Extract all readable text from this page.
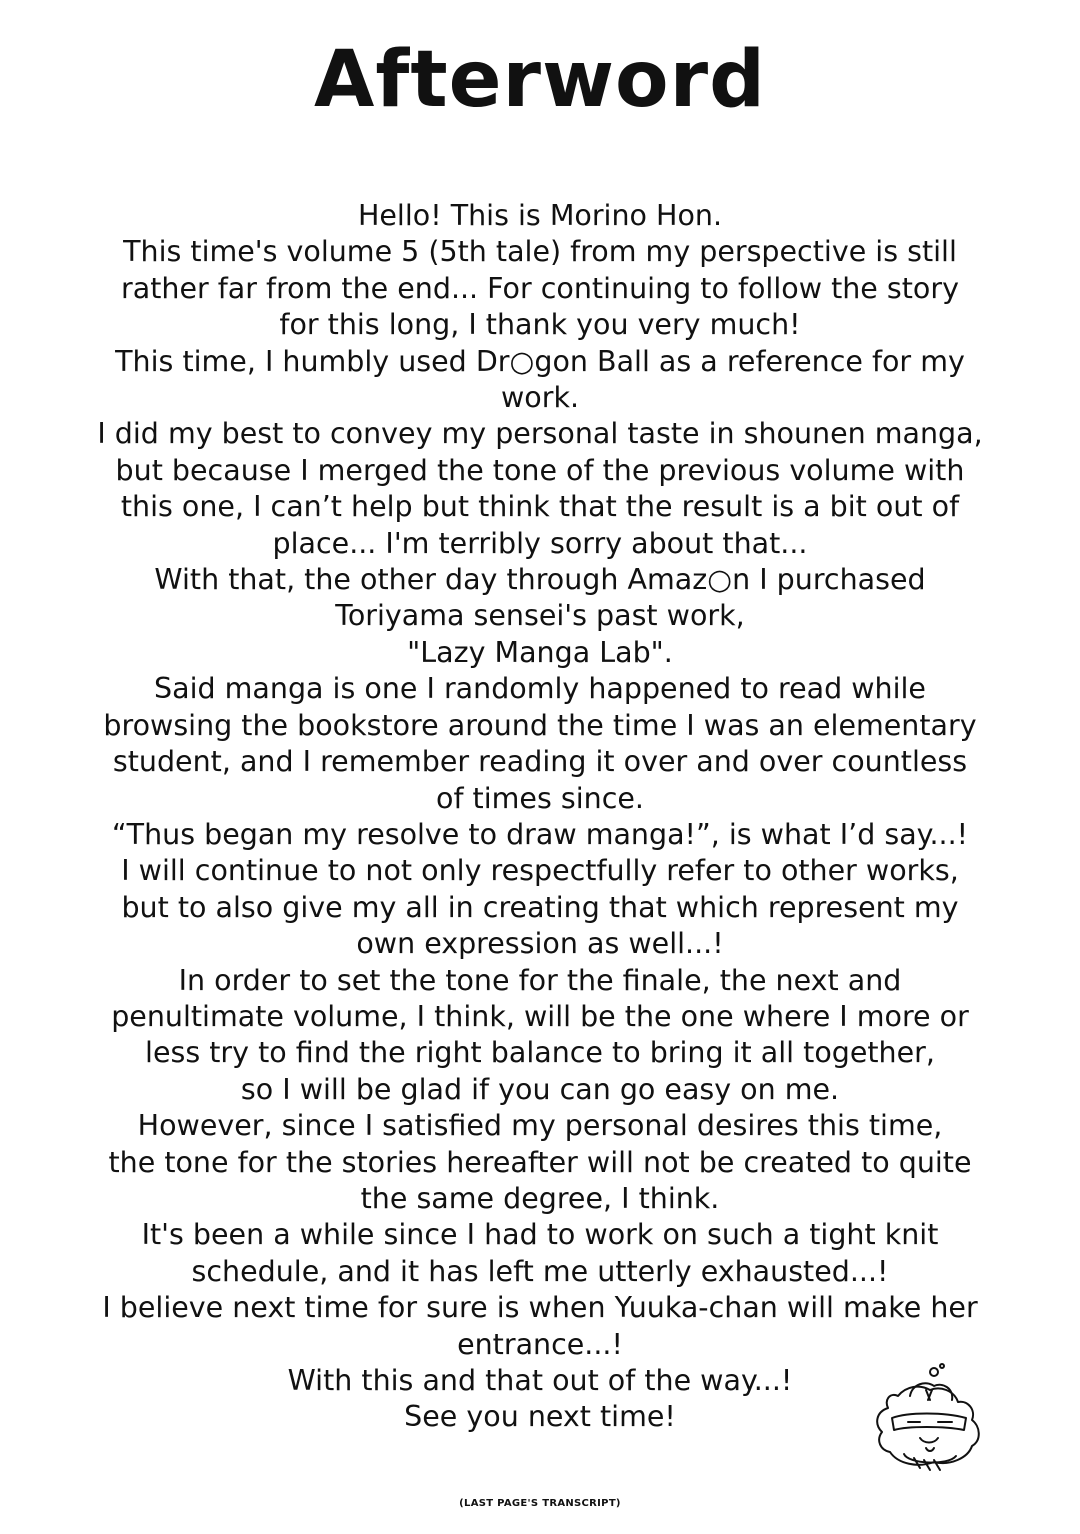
Afterword
Hello! This is Morino Hon.
This time's volume 5 (5th tale) from my perspective is still
rather far from the end... For continuing to follow the story
for this long, I thank you very much!
This time, I humbly used Dr○gon Ball as a reference for my
work.
I did my best to convey my personal taste in shounen manga,
but because I merged the tone of the previous volume with
this one, I can’t help but think that the result is a bit out of
place... I'm terribly sorry about that...
With that, the other day through Amaz○n I purchased
Toriyama sensei's past work,
"Lazy Manga Lab".
Said manga is one I randomly happened to read while
browsing the bookstore around the time I was an elementary
student, and I remember reading it over and over countless
of times since.
“Thus began my resolve to draw manga!”, is what I’d say...!
I will continue to not only respectfully refer to other works,
but to also give my all in creating that which represent my
own expression as well...!
In order to set the tone for the finale, the next and
penultimate volume, I think, will be the one where I more or
less try to find the right balance to bring it all together,
so I will be glad if you can go easy on me.
However, since I satisfied my personal desires this time,
the tone for the stories hereafter will not be created to quite
the same degree, I think.
It's been a while since I had to work on such a tight knit
schedule, and it has left me utterly exhausted...!
I believe next time for sure is when Yuuka-chan will make her
entrance...!
With this and that out of the way...!
See you next time!
(LAST PAGE'S TRANSCRIPT)
